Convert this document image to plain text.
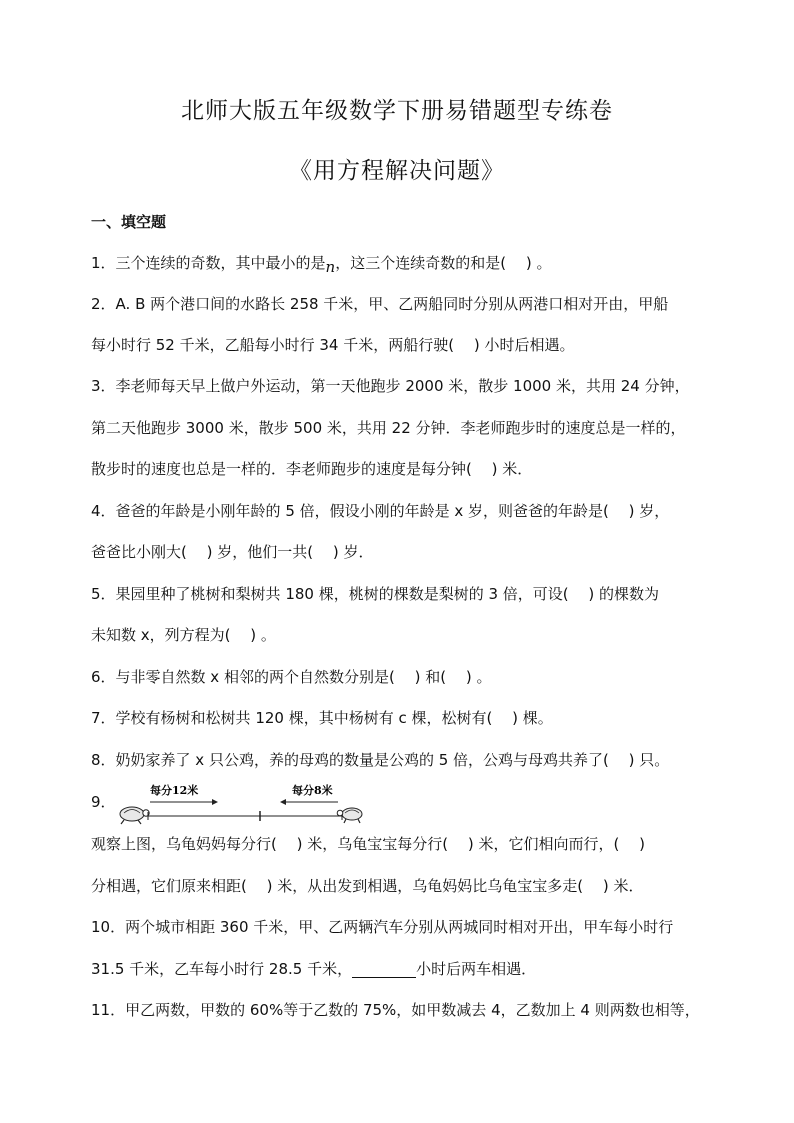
北师大版五年级数学下册易错题型专练卷
《用方程解决问题》
一、填空题
1．三个连续的奇数，其中最小的是n，这三个连续奇数的和是(　 ) 。
2．A. B 两个港口间的水路长 258 千米，甲、乙两船同时分别从两港口相对开由，甲船
每小时行 52 千米，乙船每小时行 34 千米，两船行驶(　 ) 小时后相遇。
3．李老师每天早上做户外运动，第一天他跑步 2000 米，散步 1000 米，共用 24 分钟，
第二天他跑步 3000 米，散步 500 米，共用 22 分钟．李老师跑步时的速度总是一样的，
散步时的速度也总是一样的．李老师跑步的速度是每分钟(　 ) 米．
4．爸爸的年龄是小刚年龄的 5 倍，假设小刚的年龄是 x 岁，则爸爸的年龄是(　 ) 岁，
爸爸比小刚大(　 ) 岁，他们一共(　 ) 岁．
5．果园里种了桃树和梨树共 180 棵，桃树的棵数是梨树的 3 倍，可设(　 ) 的棵数为
未知数 x，列方程为(　 ) 。
6．与非零自然数 x 相邻的两个自然数分别是(　 ) 和(　 ) 。
7．学校有杨树和松树共 120 棵，其中杨树有 c 棵，松树有(　 ) 棵。
8．奶奶家养了 x 只公鸡，养的母鸡的数量是公鸡的 5 倍，公鸡与母鸡共养了(　 ) 只。
9．
每分12米	每分8米
观察上图，乌龟妈妈每分行(　 ) 米，乌龟宝宝每分行(　 ) 米，它们相向而行，(　 )
分相遇，它们原来相距(　 ) 米，从出发到相遇，乌龟妈妈比乌龟宝宝多走(　 ) 米．
10．两个城市相距 360 千米，甲、乙两辆汽车分别从两城同时相对开出，甲车每小时行
31.5 千米，乙车每小时行 28.5 千米，	小时后两车相遇．
11．甲乙两数，甲数的 60%等于乙数的 75%，如甲数减去 4，乙数加上 4 则两数也相等，
